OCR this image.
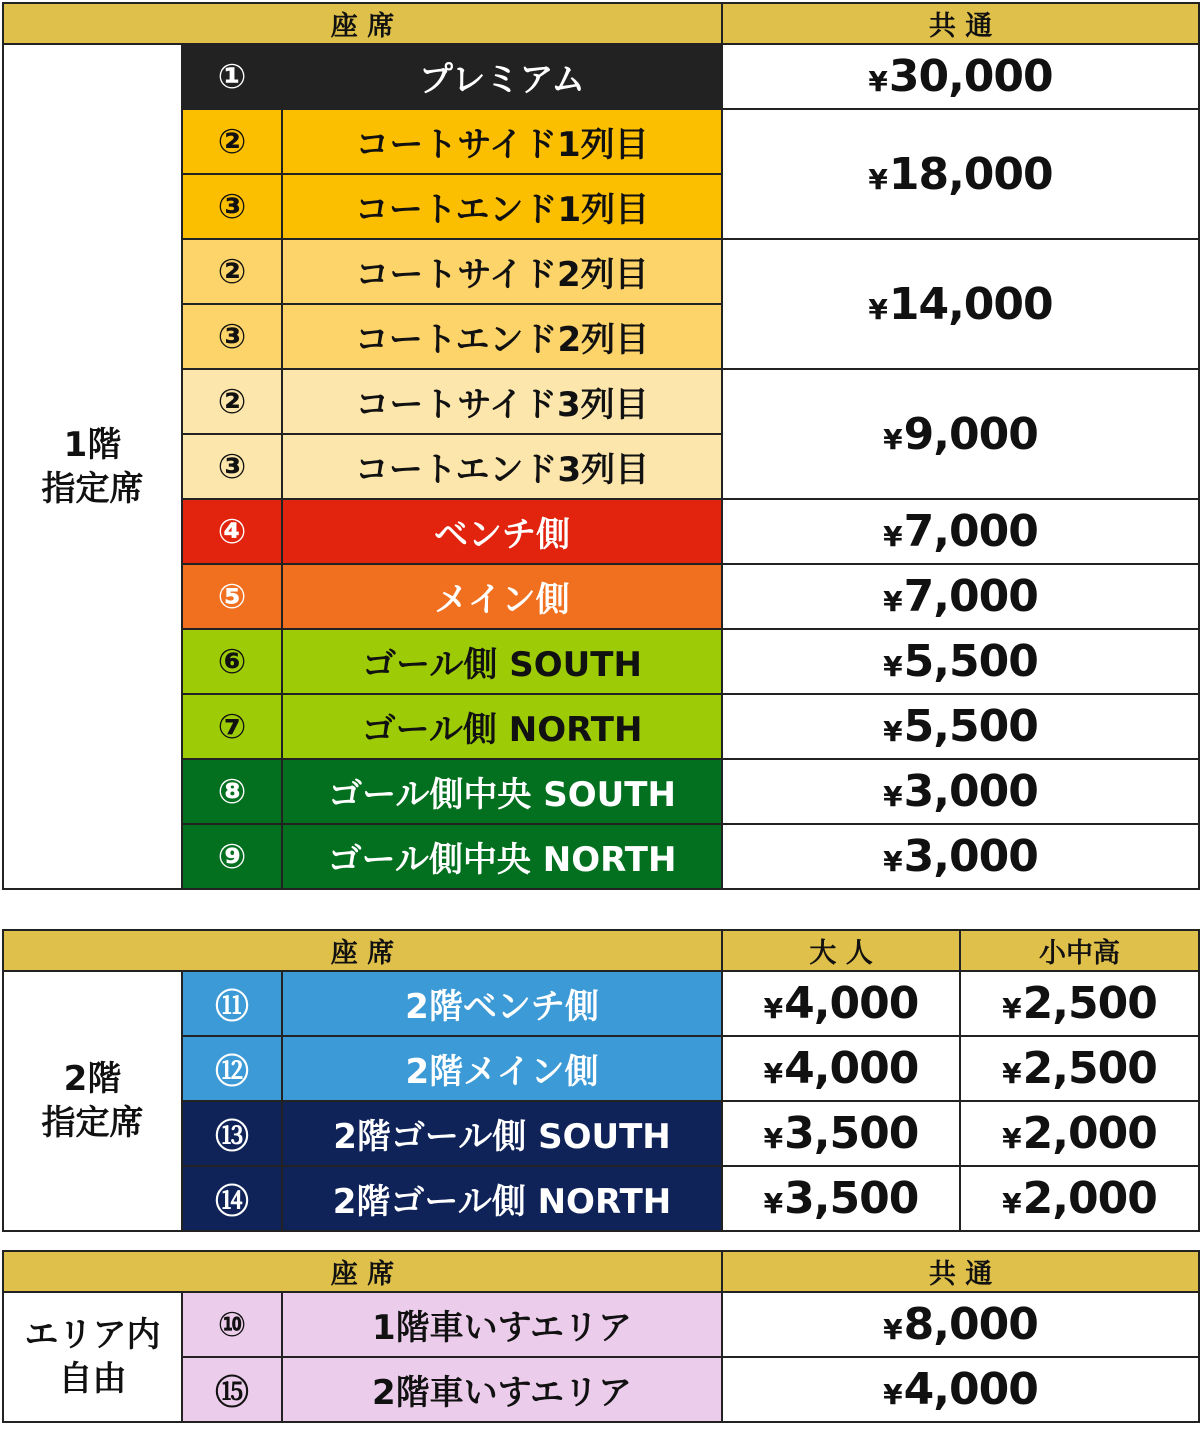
座 席			共 通

1階
指定席	①	プレミアム	¥30,000
	②	コートサイド1列目	¥18,000
	③	コートエンド1列目	
	②	コートサイド2列目	¥14,000
	③	コートエンド2列目	
	②	コートサイド3列目	¥9,000
	③	コートエンド3列目	
	④	ベンチ側	¥7,000
	⑤	メイン側	¥7,000
	⑥	ゴール側 SOUTH	¥5,500
	⑦	ゴール側 NORTH	¥5,500
	⑧	ゴール側中央 SOUTH	¥3,000
	⑨	ゴール側中央 NORTH	¥3,000
座 席			大 人	小中高

2階
指定席	⑪	2階ベンチ側	¥4,000	¥2,500
	⑫	2階メイン側	¥4,000	¥2,500
	⑬	2階ゴール側 SOUTH	¥3,500	¥2,000
	⑭	2階ゴール側 NORTH	¥3,500	¥2,000
座 席			共 通

エリア内
自由	⑩	1階車いすエリア	¥8,000
	⑮	2階車いすエリア	¥4,000
